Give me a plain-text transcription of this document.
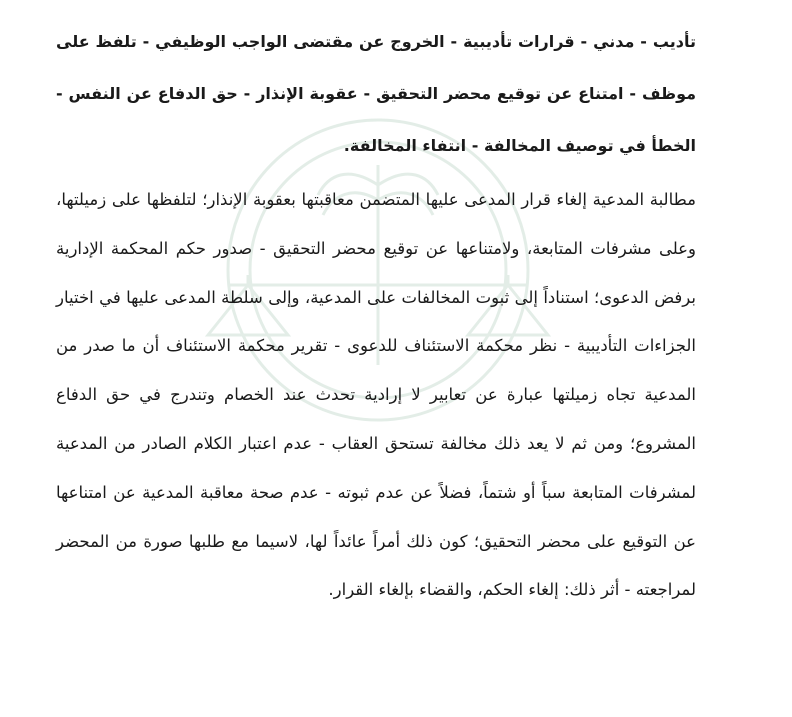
تأديب - مدني - قرارات تأديبية - الخروج عن مقتضى الواجب الوظيفي - تلفظ على موظف - امتناع عن توقيع محضر التحقيق - عقوبة الإنذار - حق الدفاع عن النفس - الخطأ في توصيف المخالفة - انتفاء المخالفة.

مطالبة المدعية إلغاء قرار المدعى عليها المتضمن معاقبتها بعقوبة الإنذار؛ لتلفظها على زميلتها، وعلى مشرفات المتابعة، ولامتناعها عن توقيع محضر التحقيق - صدور حكم المحكمة الإدارية برفض الدعوى؛ استناداً إلى ثبوت المخالفات على المدعية، وإلى سلطة المدعى عليها في اختيار الجزاءات التأديبية - نظر محكمة الاستئناف للدعوى - تقرير محكمة الاستئناف أن ما صدر من المدعية تجاه زميلتها عبارة عن تعابير لا إرادية تحدث عند الخصام وتندرج في حق الدفاع المشروع؛ ومن ثم لا يعد ذلك مخالفة تستحق العقاب - عدم اعتبار الكلام الصادر من المدعية لمشرفات المتابعة سباً أو شتماً، فضلاً عن عدم ثبوته - عدم صحة معاقبة المدعية عن امتناعها عن التوقيع على محضر التحقيق؛ كون ذلك أمراً عائداً لها، لاسيما مع طلبها صورة من المحضر لمراجعته - أثر ذلك: إلغاء الحكم، والقضاء بإلغاء القرار.
